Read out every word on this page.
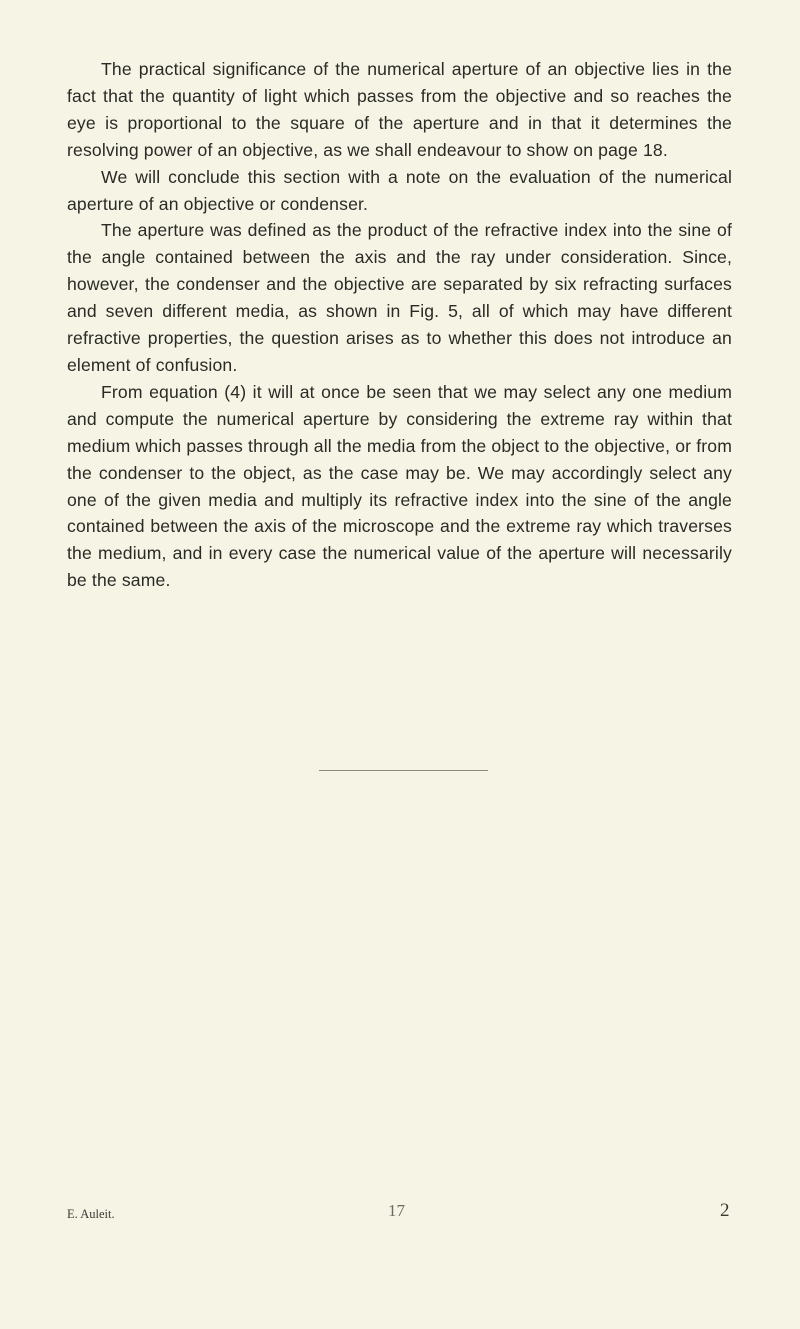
The practical significance of the numerical aperture of an objective lies in the fact that the quantity of light which passes from the objective and so reaches the eye is proportional to the square of the aperture and in that it determines the resolving power of an objective, as we shall endeavour to show on page 18.

We will conclude this section with a note on the evaluation of the numerical aperture of an objective or condenser.

The aperture was defined as the product of the refractive index into the sine of the angle contained between the axis and the ray under consideration. Since, however, the condenser and the objective are separated by six refracting surfaces and seven different media, as shown in Fig. 5, all of which may have different refractive properties, the question arises as to whether this does not introduce an element of confusion.

From equation (4) it will at once be seen that we may select any one medium and compute the numerical aperture by considering the extreme ray within that medium which passes through all the media from the object to the objective, or from the condenser to the object, as the case may be. We may accordingly select any one of the given media and multiply its refractive index into the sine of the angle contained between the axis of the microscope and the extreme ray which traverses the medium, and in every case the numerical value of the aperture will necessarily be the same.

E. Auleit.	17	2
